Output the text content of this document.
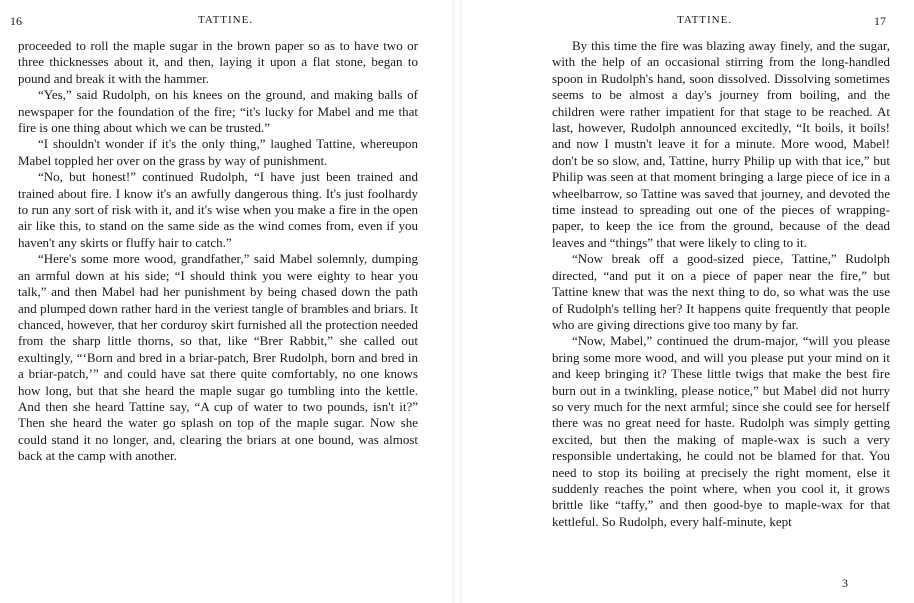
16	TATTINE.

proceeded to roll the maple sugar in the brown paper so as to have two or three thicknesses about it, and then, laying it upon a flat stone, began to pound and break it with the hammer.

“Yes,” said Rudolph, on his knees on the ground, and making balls of newspaper for the foundation of the fire; “it's lucky for Mabel and me that fire is one thing about which we can be trusted.”

“I shouldn't wonder if it's the only thing,” laughed Tattine, whereupon Mabel toppled her over on the grass by way of punishment.

“No, but honest!” continued Rudolph, “I have just been trained and trained about fire. I know it's an awfully dangerous thing. It's just foolhardy to run any sort of risk with it, and it's wise when you make a fire in the open air like this, to stand on the same side as the wind comes from, even if you haven't any skirts or fluffy hair to catch.”

“Here's some more wood, grandfather,” said Mabel solemnly, dumping an armful down at his side; “I should think you were eighty to hear you talk,” and then Mabel had her punishment by being chased down the path and plumped down rather hard in the veriest tangle of brambles and briars. It chanced, however, that her corduroy skirt furnished all the protection needed from the sharp little thorns, so that, like “Brer Rabbit,” she called out exultingly, “‘Born and bred in a briar-patch, Brer Rudolph, born and bred in a briar-patch,’” and could have sat there quite comfortably, no one knows how long, but that she heard the maple sugar go tumbling into the kettle. And then she heard Tattine say, “A cup of water to two pounds, isn't it?” Then she heard the water go splash on top of the maple sugar. Now she could stand it no longer, and, clearing the briars at one bound, was almost back at the camp with another.

TATTINE.	17

By this time the fire was blazing away finely, and the sugar, with the help of an occasional stirring from the long-handled spoon in Rudolph's hand, soon dissolved. Dissolving sometimes seems to be almost a day's journey from boiling, and the children were rather impatient for that stage to be reached. At last, however, Rudolph announced excitedly, “It boils, it boils! and now I mustn't leave it for a minute. More wood, Mabel! don't be so slow, and, Tattine, hurry Philip up with that ice,” but Philip was seen at that moment bringing a large piece of ice in a wheelbarrow, so Tattine was saved that journey, and devoted the time instead to spreading out one of the pieces of wrapping-paper, to keep the ice from the ground, because of the dead leaves and “things” that were likely to cling to it.

“Now break off a good-sized piece, Tattine,” Rudolph directed, “and put it on a piece of paper near the fire,” but Tattine knew that was the next thing to do, so what was the use of Rudolph's telling her? It happens quite frequently that people who are giving directions give too many by far.

“Now, Mabel,” continued the drum-major, “will you please bring some more wood, and will you please put your mind on it and keep bringing it? These little twigs that make the best fire burn out in a twinkling, please notice,” but Mabel did not hurry so very much for the next armful; since she could see for herself there was no great need for haste. Rudolph was simply getting excited, but then the making of maple-wax is such a very responsible undertaking, he could not be blamed for that. You need to stop its boiling at precisely the right moment, else it suddenly reaches the point where, when you cool it, it grows brittle like “taffy,” and then good-bye to maple-wax for that kettleful. So Rudolph, every half-minute, kept

3
